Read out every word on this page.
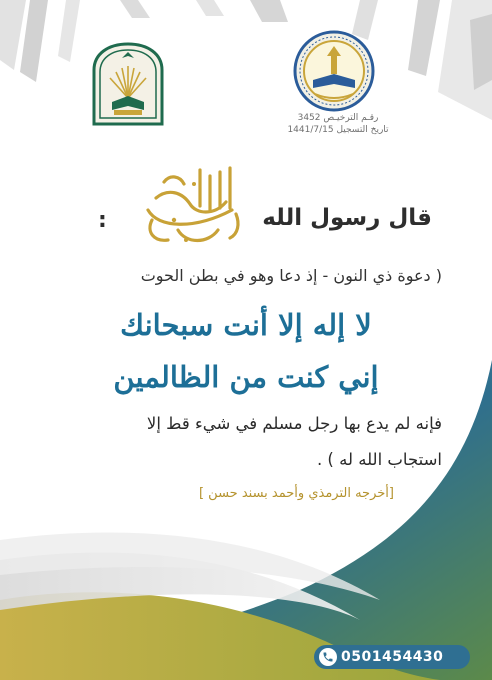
رقـم الترخيـص 3452
تاريخ التسجيل 1441/7/15
قال رسول الله
:
( دعوة ذي النون - إذ دعا وهو في بطن الحوت
لا إله إلا أنت سبحانك
إني كنت من الظالمين
فإنه لم يدع بها رجل مسلم في شيء قط إلا
استجاب الله له ) .
[أخرجه الترمذي وأحمد بسند حسن ]
0501454430
